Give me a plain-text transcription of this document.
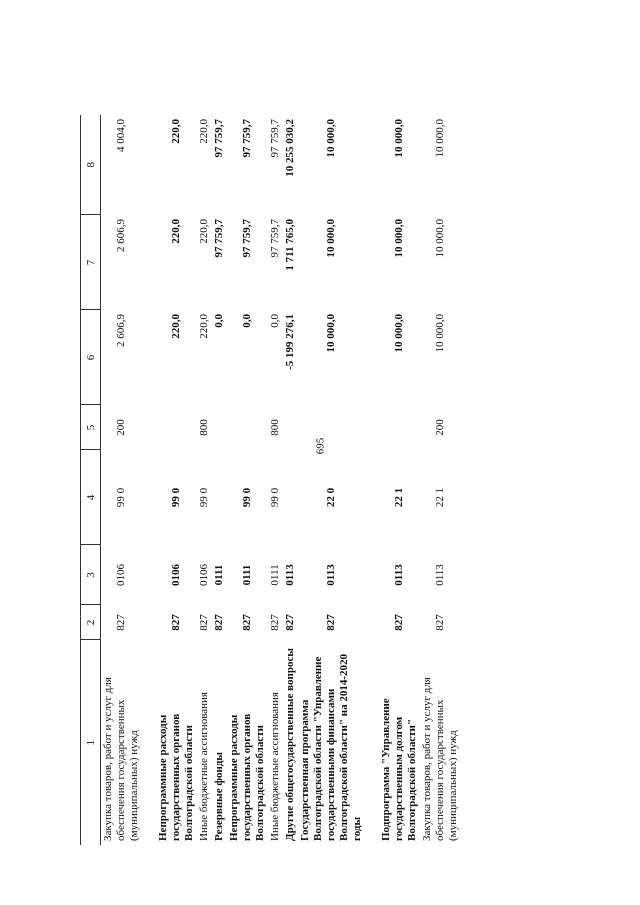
695
1	2	3	4	5	6	7	8
Закупка товаров, работ и услуг для обеспечения государственных (муниципальных) нужд	827	0106	99 0	200	2 606,9	2 606,9	4 004,0

Непрограммные расходы государственных органов Волгоградской области	827	0106	99 0		220,0	220,0	220,0
Иные бюджетные ассигнования	827	0106	99 0	800	220,0	220,0	220,0
Резервные фонды	827	0111			0,0	97 759,7	97 759,7
Непрограммные расходы государственных органов Волгоградской области	827	0111	99 0		0,0	97 759,7	97 759,7
Иные бюджетные ассигнования	827	0111	99 0	800	0,0	97 759,7	97 759,7
Другие общегосударственные вопросы	827	0113			-5 199 276,1	1 711 765,0	10 255 030,2
Государственная программа Волгоградской области "Управление государственными финансами Волгоградской области" на 2014-2020 годы	827	0113	22 0		10 000,0	10 000,0	10 000,0

Подпрограмма "Управление государственным долгом Волгоградской области"	827	0113	22 1		10 000,0	10 000,0	10 000,0
Закупка товаров, работ и услуг для обеспечения государственных (муниципальных) нужд	827	0113	22 1	200	10 000,0	10 000,0	10 000,0
